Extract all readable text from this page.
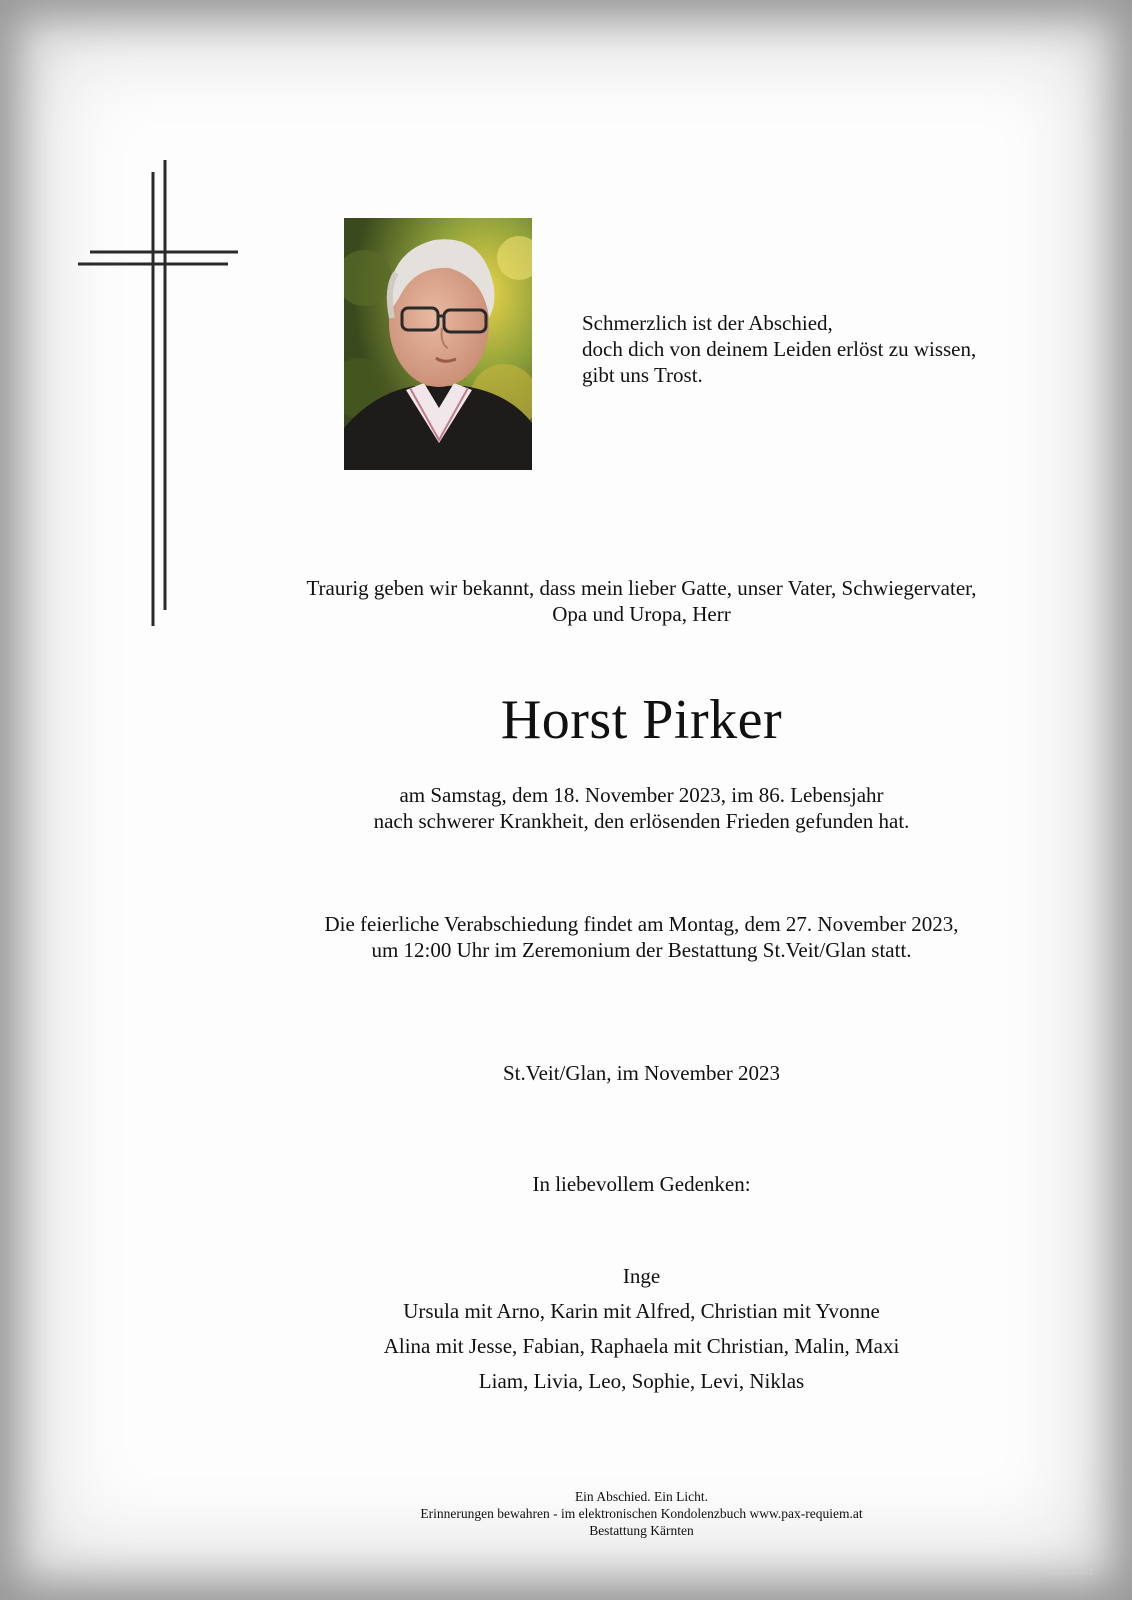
Schmerzlich ist der Abschied,
doch dich von deinem Leiden erlöst zu wissen,
gibt uns Trost.
Traurig geben wir bekannt, dass mein lieber Gatte, unser Vater, Schwiegervater,
Opa und Uropa, Herr
Horst Pirker
am Samstag, dem 18. November 2023, im 86. Lebensjahr
nach schwerer Krankheit, den erlösenden Frieden gefunden hat.
Die feierliche Verabschiedung findet am Montag, dem 27. November 2023,
um 12:00 Uhr im Zeremonium der Bestattung St.Veit/Glan statt.
St.Veit/Glan, im November 2023
In liebevollem Gedenken:
Inge
Ursula mit Arno, Karin mit Alfred, Christian mit Yvonne
Alina mit Jesse, Fabian, Raphaela mit Christian, Malin, Maxi
Liam, Livia, Leo, Sophie, Levi, Niklas
Ein Abschied. Ein Licht.
Erinnerungen bewahren - im elektronischen Kondolenzbuch www.pax-requiem.at
Bestattung Kärnten
P87 x861
